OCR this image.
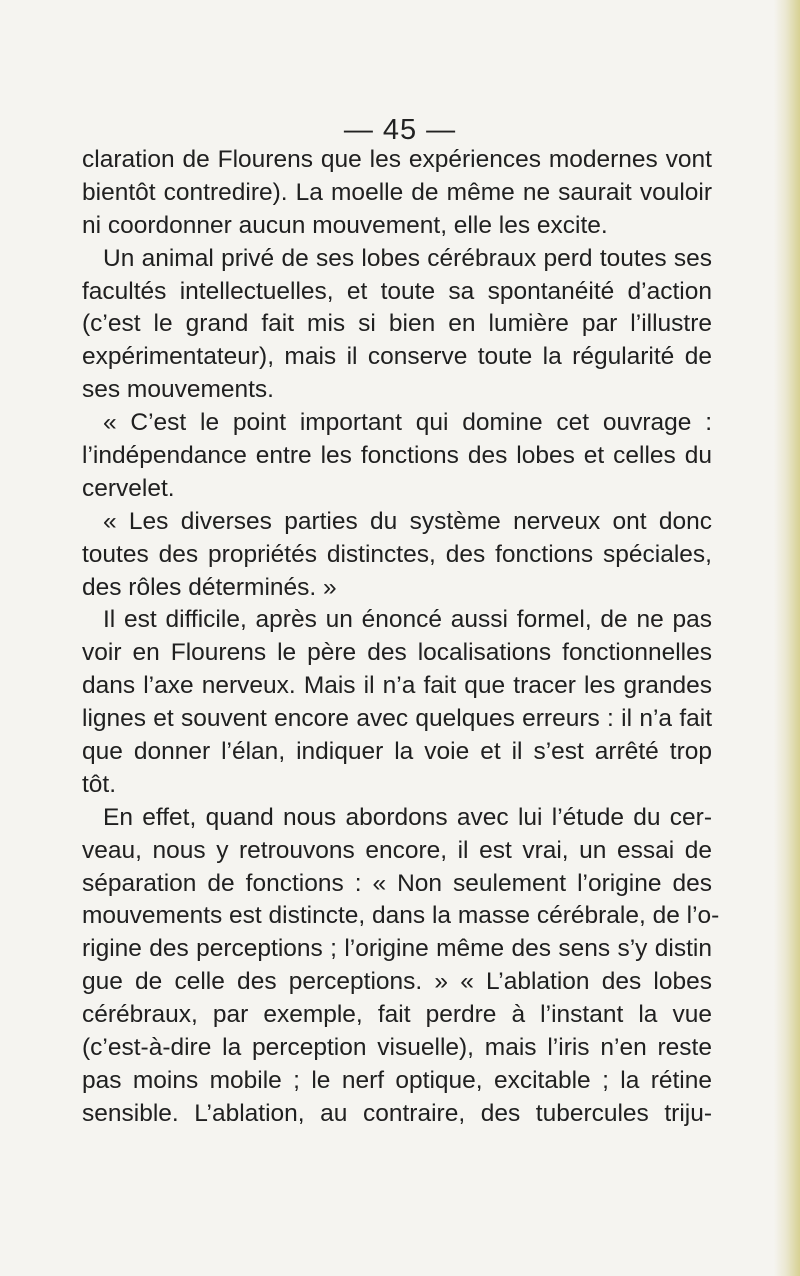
— 45 —
claration de Flourens que les expériences modernes vont
bientôt contredire). La moelle de même ne saurait vouloir
ni coordonner aucun mouvement, elle les excite.
Un animal privé de ses lobes cérébraux perd toutes ses
facultés intellectuelles, et toute sa spontanéité d’action
(c’est le grand fait mis si bien en lumière par l’illustre
expérimentateur), mais il conserve toute la régularité de
ses mouvements.
« C’est le point important qui domine cet ouvrage :
l’indépendance entre les fonctions des lobes et celles du
cervelet.
« Les diverses parties du système nerveux ont donc
toutes des propriétés distinctes, des fonctions spéciales,
des rôles déterminés. »
Il est difficile, après un énoncé aussi formel, de ne pas
voir en Flourens le père des localisations fonctionnelles
dans l’axe nerveux. Mais il n’a fait que tracer les grandes
lignes et souvent encore avec quelques erreurs : il n’a fait
que donner l’élan, indiquer la voie et il s’est arrêté trop
tôt.
En effet, quand nous abordons avec lui l’étude du cer-
veau, nous y retrouvons encore, il est vrai, un essai de
séparation de fonctions : « Non seulement l’origine des
mouvements est distincte, dans la masse cérébrale, de l’o-
rigine des perceptions ; l’origine même des sens s’y distin
gue de celle des perceptions. » « L’ablation des lobes
cérébraux, par exemple, fait perdre à l’instant la vue
(c’est-à-dire la perception visuelle), mais l’iris n’en reste
pas moins mobile ; le nerf optique, excitable ; la rétine
sensible. L’ablation, au contraire, des tubercules triju-
